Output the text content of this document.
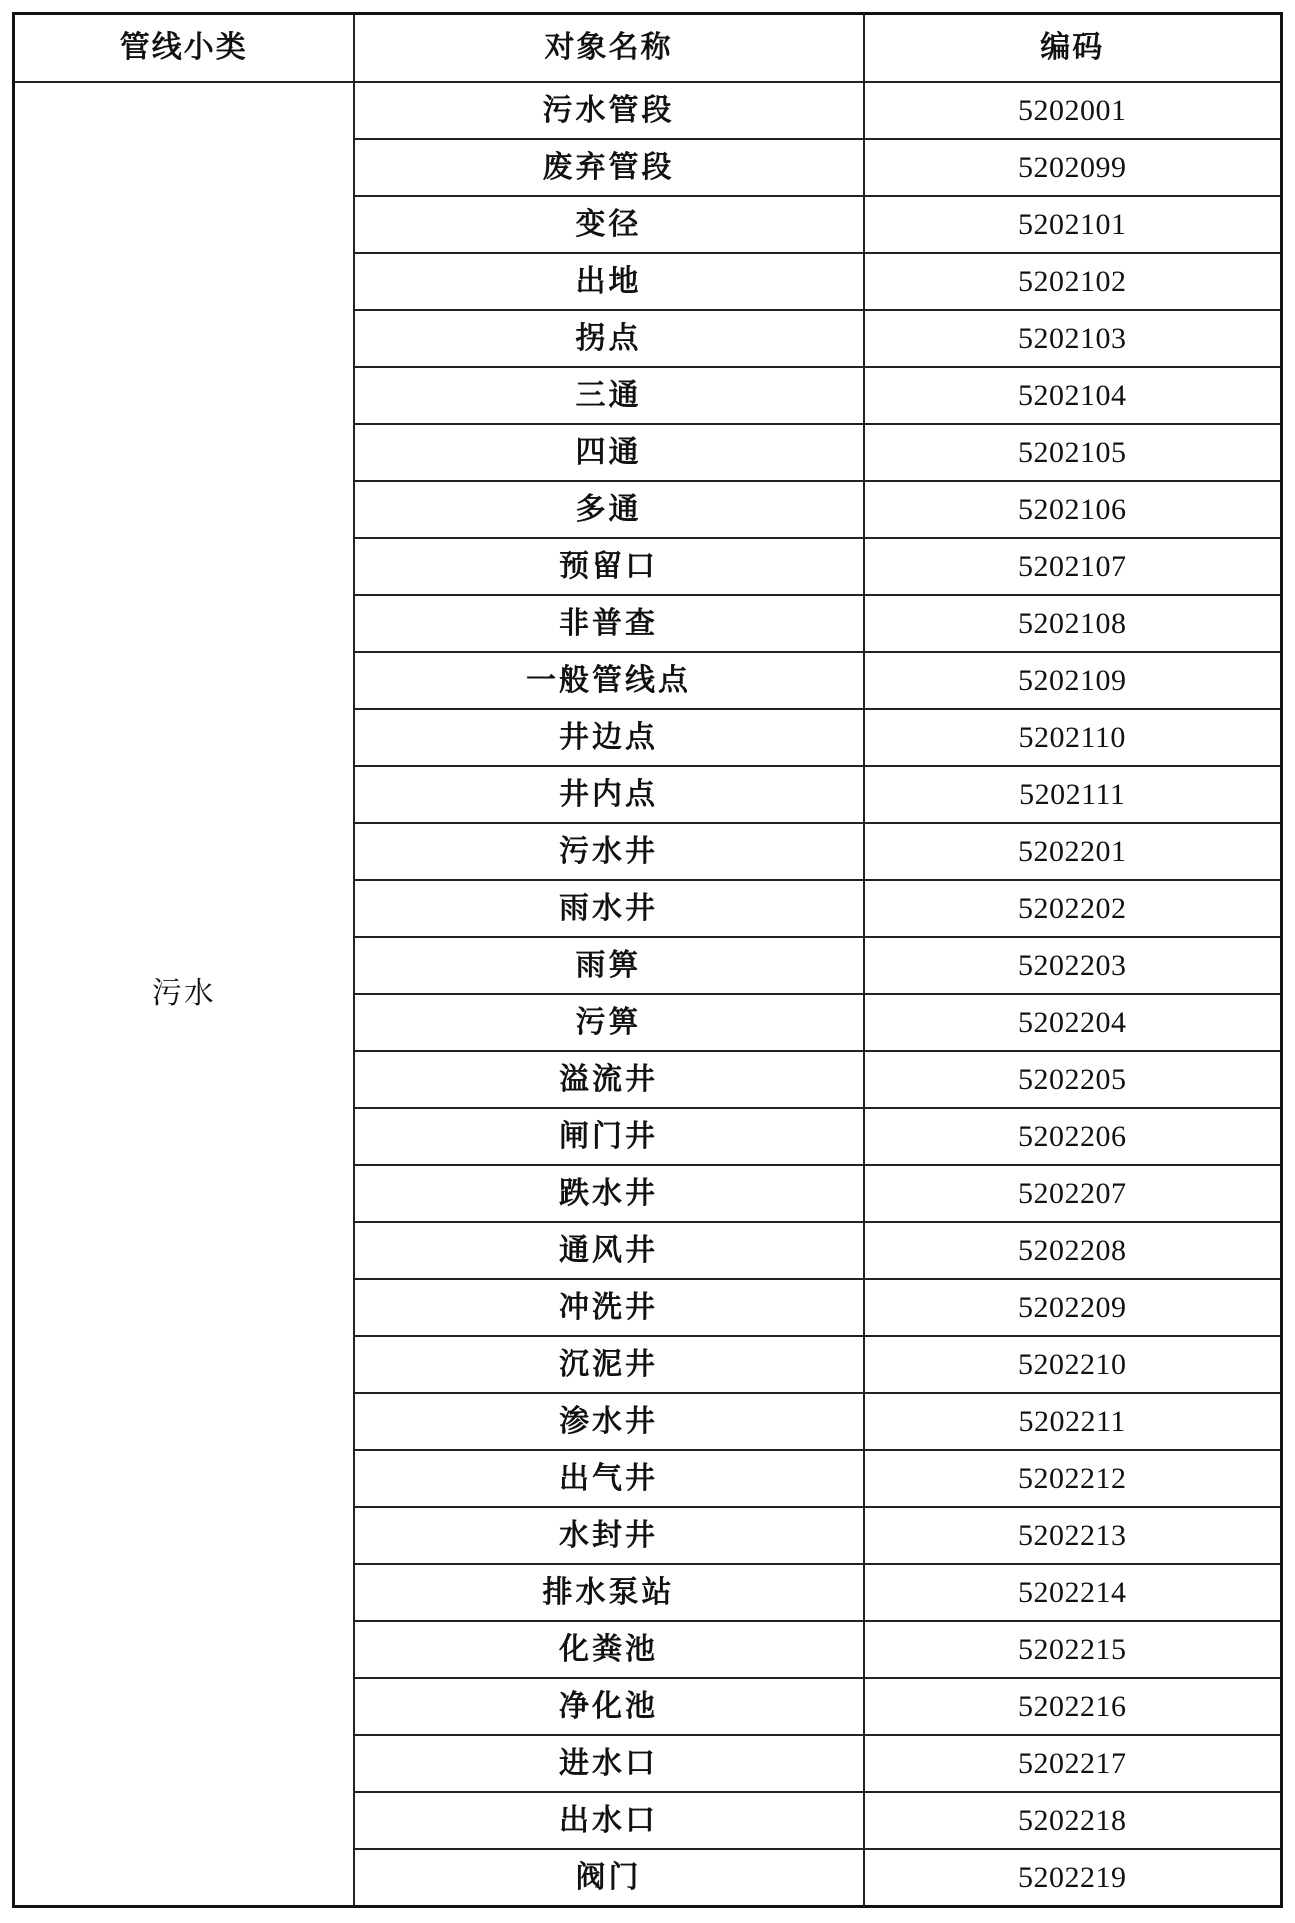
管线小类	对象名称	编码
污水	污水管段	5202001
	废弃管段	5202099
	变径	5202101
	出地	5202102
	拐点	5202103
	三通	5202104
	四通	5202105
	多通	5202106
	预留口	5202107
	非普查	5202108
	一般管线点	5202109
	井边点	5202110
	井内点	5202111
	污水井	5202201
	雨水井	5202202
	雨箅	5202203
	污箅	5202204
	溢流井	5202205
	闸门井	5202206
	跌水井	5202207
	通风井	5202208
	冲洗井	5202209
	沉泥井	5202210
	渗水井	5202211
	出气井	5202212
	水封井	5202213
	排水泵站	5202214
	化粪池	5202215
	净化池	5202216
	进水口	5202217
	出水口	5202218
	阀门	5202219
